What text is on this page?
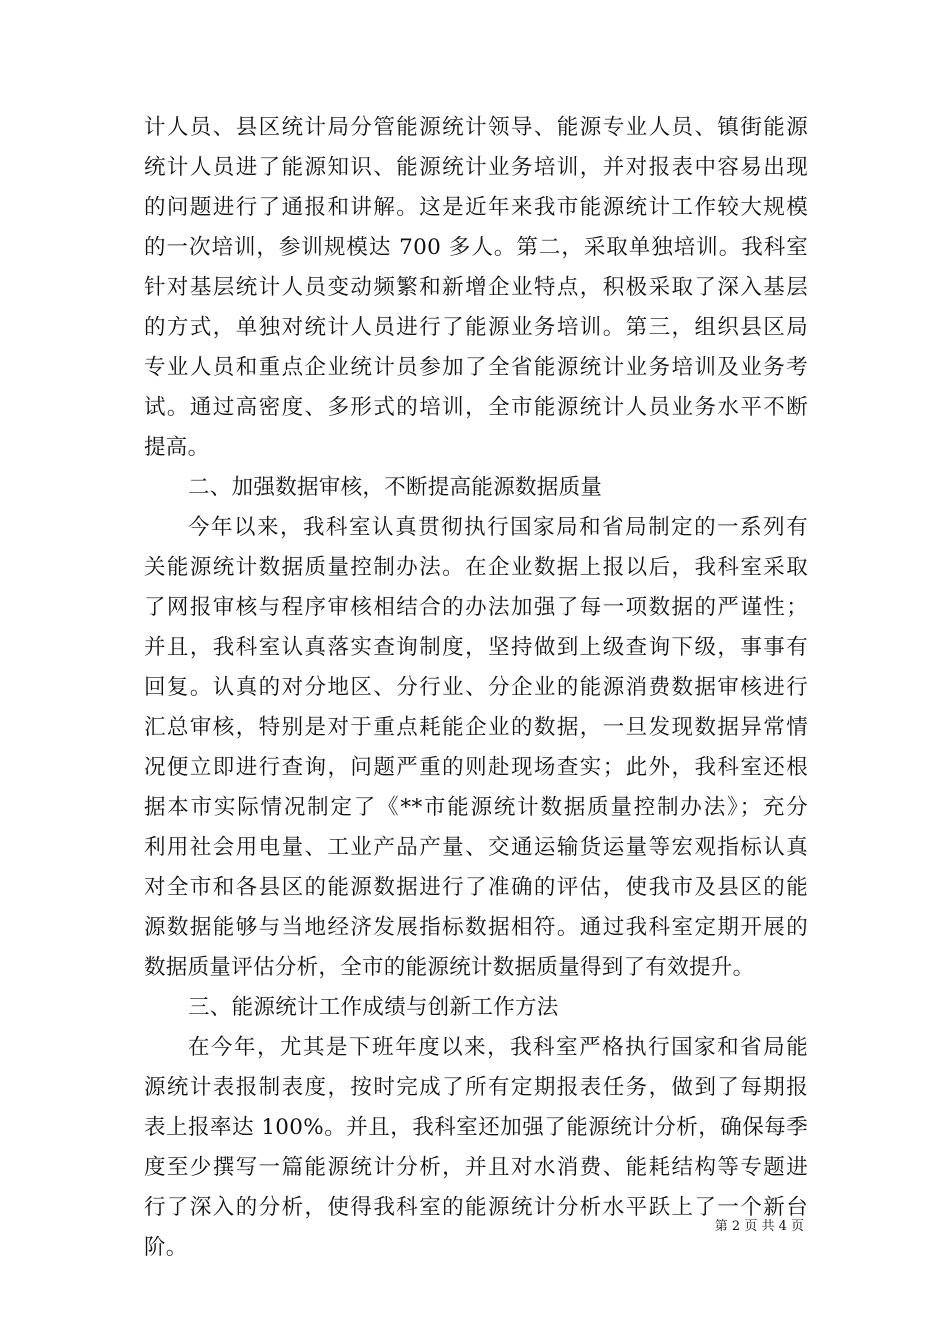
计人员、县区统计局分管能源统计领导、能源专业人员、镇街能源
统计人员进了能源知识、能源统计业务培训，并对报表中容易出现
的问题进行了通报和讲解。这是近年来我市能源统计工作较大规模
的一次培训，参训规模达 700 多人。第二，采取单独培训。我科室
针对基层统计人员变动频繁和新增企业特点，积极采取了深入基层
的方式，单独对统计人员进行了能源业务培训。第三，组织县区局
专业人员和重点企业统计员参加了全省能源统计业务培训及业务考
试。通过高密度、多形式的培训，全市能源统计人员业务水平不断
提高。
二、加强数据审核，不断提高能源数据质量
今年以来，我科室认真贯彻执行国家局和省局制定的一系列有
关能源统计数据质量控制办法。在企业数据上报以后，我科室采取
了网报审核与程序审核相结合的办法加强了每一项数据的严谨性；
并且，我科室认真落实查询制度，坚持做到上级查询下级，事事有
回复。认真的对分地区、分行业、分企业的能源消费数据审核进行
汇总审核，特别是对于重点耗能企业的数据，一旦发现数据异常情
况便立即进行查询，问题严重的则赴现场查实；此外，我科室还根
据本市实际情况制定了《**市能源统计数据质量控制办法》；充分
利用社会用电量、工业产品产量、交通运输货运量等宏观指标认真
对全市和各县区的能源数据进行了准确的评估，使我市及县区的能
源数据能够与当地经济发展指标数据相符。通过我科室定期开展的
数据质量评估分析，全市的能源统计数据质量得到了有效提升。
三、能源统计工作成绩与创新工作方法
在今年，尤其是下班年度以来，我科室严格执行国家和省局能
源统计表报制表度，按时完成了所有定期报表任务，做到了每期报
表上报率达 100%。并且，我科室还加强了能源统计分析，确保每季
度至少撰写一篇能源统计分析，并且对水消费、能耗结构等专题进
行了深入的分析，使得我科室的能源统计分析水平跃上了一个新台
阶。
第 2 页 共 4 页
